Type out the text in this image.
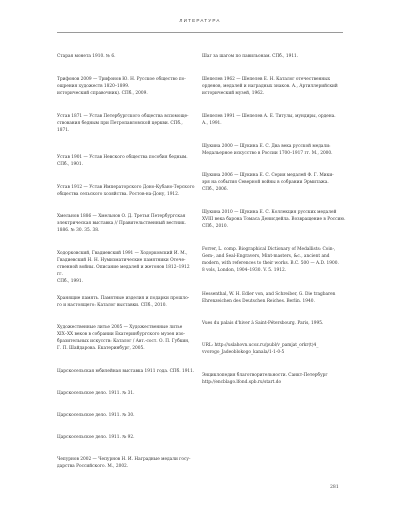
ЛИТЕРАТУРА
Старая монета 1910. № 6.
Трифонов 2009 — Трифонов Ю. Н. Русское общество по-
ощрения художеств 1820–1899.
исторический справочник). СПб., 2009.
Устав 1871 — Устав Петербургского общества вспомоще-
ствования бедным при Петропавловской церкви. СПб.,
1871.
Устав 1901 — Устав Невского общества пособия бедным.
СПб., 1901.
Устав 1912 — Устав Императорского Доно-Кубано-Терского
общества сельского хозяйства. Ростов-на-Дону, 1912.
Хмельнов 1886 — Хмельнов О. Д. Третья Петербургская
электрическая выставка // Правительственный вестник.
1886. № 30. 35. 38.
Ходорковский, Гвадиевский 1991 — Ходорковский И. М.,
Гвадиевский Н. Н. Нумизматические памятники Отече-
ственной войны. Описание медалей и жетонов 1812–1912 гг.
СПб., 1991.
Хранящие память. Памятные изделия и подарки прошло-
го и настоящего: Каталог выставки. СПб., 2010.
Художественные литье 2005 — Художественные литье
XIX–XX веков в собрании Екатеринбургского музея изо-
бразительных искусств: Каталог / Авт.-сост. О. П. Губкин,
Г. П. Шайдарова. Екатеринбург, 2005.
Царскосельская юбилейная выставка 1911 года. СПб. 1911.
Царскосельское дело. 1911. № 31.
Царскосельское дело. 1911. № 30.
Царскосельское дело. 1911. № 92.
Чепурнов 2002 — Чепурнов Н. И. Наградные медали госу-
дарства Российского. М., 2002.
Шаг за шагом по павильонам. СПб., 1911.
Шепелев 1962 — Шепелев Е. Н. Каталог отечественных
орденов, медалей и наградных знаков. А., Артиллерийский
исторический музей, 1962.
Шепелев 1991 — Шепелев А. Е. Титулы, мундиры, ордена.
А., 1991.
Щукина 2000 — Щукина Е. С. Два века русской медали:
Медальерное искусство в России 1700–1917 гг. М., 2000.
Щукина 2006 — Щукина Е. С. Серия медалей Ф. Г. Мики-
эря на события Северной войны в собрании Эрмитажа.
СПб., 2006.
Щукина 2010 — Щукина Е. С. Коллекция русских медалей
XVIII века барона Томаса Денисдейла. Возвращение в Россию.
СПб., 2010.
Forrer, L. comp. Biographical Dictionary of Medallists: Coin-,
Gem-, and Seal-Engravers, Mint-masters, &c., ancient and
modern, with references to their works. B.C. 500 — A.D. 1900.
8 vols, London, 1904–1930. V. 5. 1912.
Hessenthal, W. H. Edler von, and Schreiber, G. Die tragbaren
Ehrenzeichen des Deutschen Reiches. Berlin. 1940.
Vues du palais d'hiver à Saint-Pétersbourg. Paris, 1995.
URL: http://uslahovn.ucoz.ru/publ/v_pamjat_orkr(t)4_
vvorogo_Jadeoblokogo_kanala/1-1-0-5
Энциклопедия благотворительности. Санкт-Петербург
http://encblago.lfond.spb.ru/start.do
281
